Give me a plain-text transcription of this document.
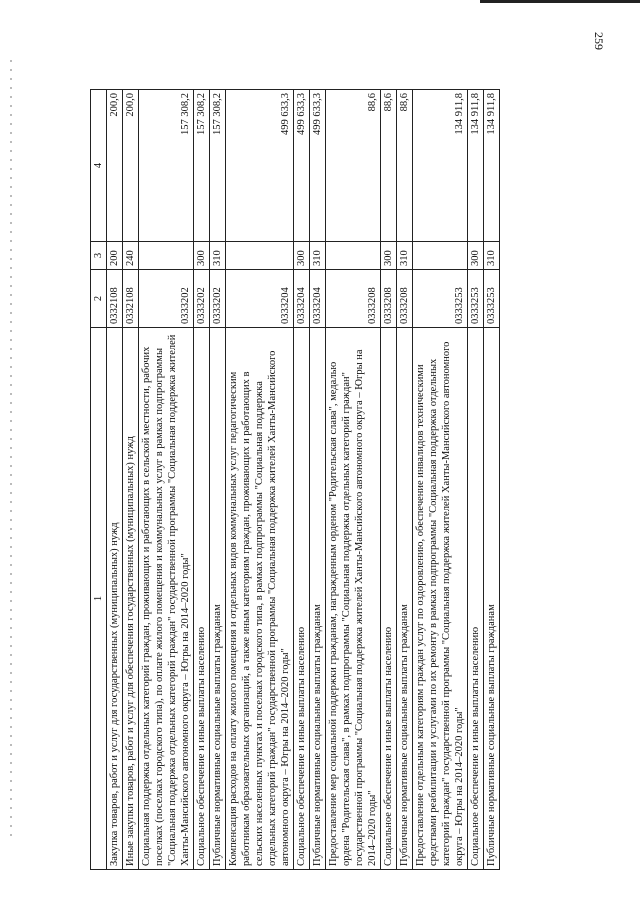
259
1	2	3	4
Закупка товаров, работ и услуг для государственных (муниципальных) нужд	0332108	200	200,0
Иные закупки товаров, работ и услуг для обеспечения государственных (муниципальных) нужд	0332108	240	200,0
Социальная поддержка отдельных категорий граждан, проживающих и работающих в сельской местности, рабочих поселках (поселках городского типа), по оплате жилого помещения и коммунальных услуг в рамках подпрограммы "Социальная поддержка отдельных категорий граждан" государственной программы "Социальная поддержка жителей Ханты-Мансийского автономного округа – Югры на 2014–2020 годы"	0333202		157 308,2
Социальное обеспечение и иные выплаты населению	0333202	300	157 308,2
Публичные нормативные социальные выплаты гражданам	0333202	310	157 308,2
Компенсация расходов на оплату жилого помещения и отдельных видов коммунальных услуг педагогическим работникам образовательных организаций, а также иным категориям граждан, проживающих и работающих в сельских населенных пунктах и поселках городского типа, в рамках подпрограммы "Социальная поддержка отдельных категорий граждан" государственной программы "Социальная поддержка жителей Ханты-Мансийского автономного округа – Югры на 2014–2020 годы"	0333204		499 633,3
Социальное обеспечение и иные выплаты населению	0333204	300	499 633,3
Публичные нормативные социальные выплаты гражданам	0333204	310	499 633,3
Предоставление мер социальной поддержки гражданам, награжденным орденом "Родительская слава", медалью ордена "Родительская слава", в рамках подпрограммы "Социальная поддержка отдельных категорий граждан" государственной программы "Социальная поддержка жителей Ханты-Мансийского автономного округа – Югры на 2014–2020 годы"	0333208		88,6
Социальное обеспечение и иные выплаты населению	0333208	300	88,6
Публичные нормативные социальные выплаты гражданам	0333208	310	88,6
Предоставление отдельным категориям граждан услуг по оздоровлению, обеспечение инвалидов техническими средствами реабилитации и услугами по их ремонту в рамках подпрограммы "Социальная поддержка отдельных категорий граждан" государственной программы "Социальная поддержка жителей Ханты-Мансийского автономного округа – Югры на 2014–2020 годы"	0333253		134 911,8
Социальное обеспечение и иные выплаты населению	0333253	300	134 911,8
Публичные нормативные социальные выплаты гражданам	0333253	310	134 911,8
